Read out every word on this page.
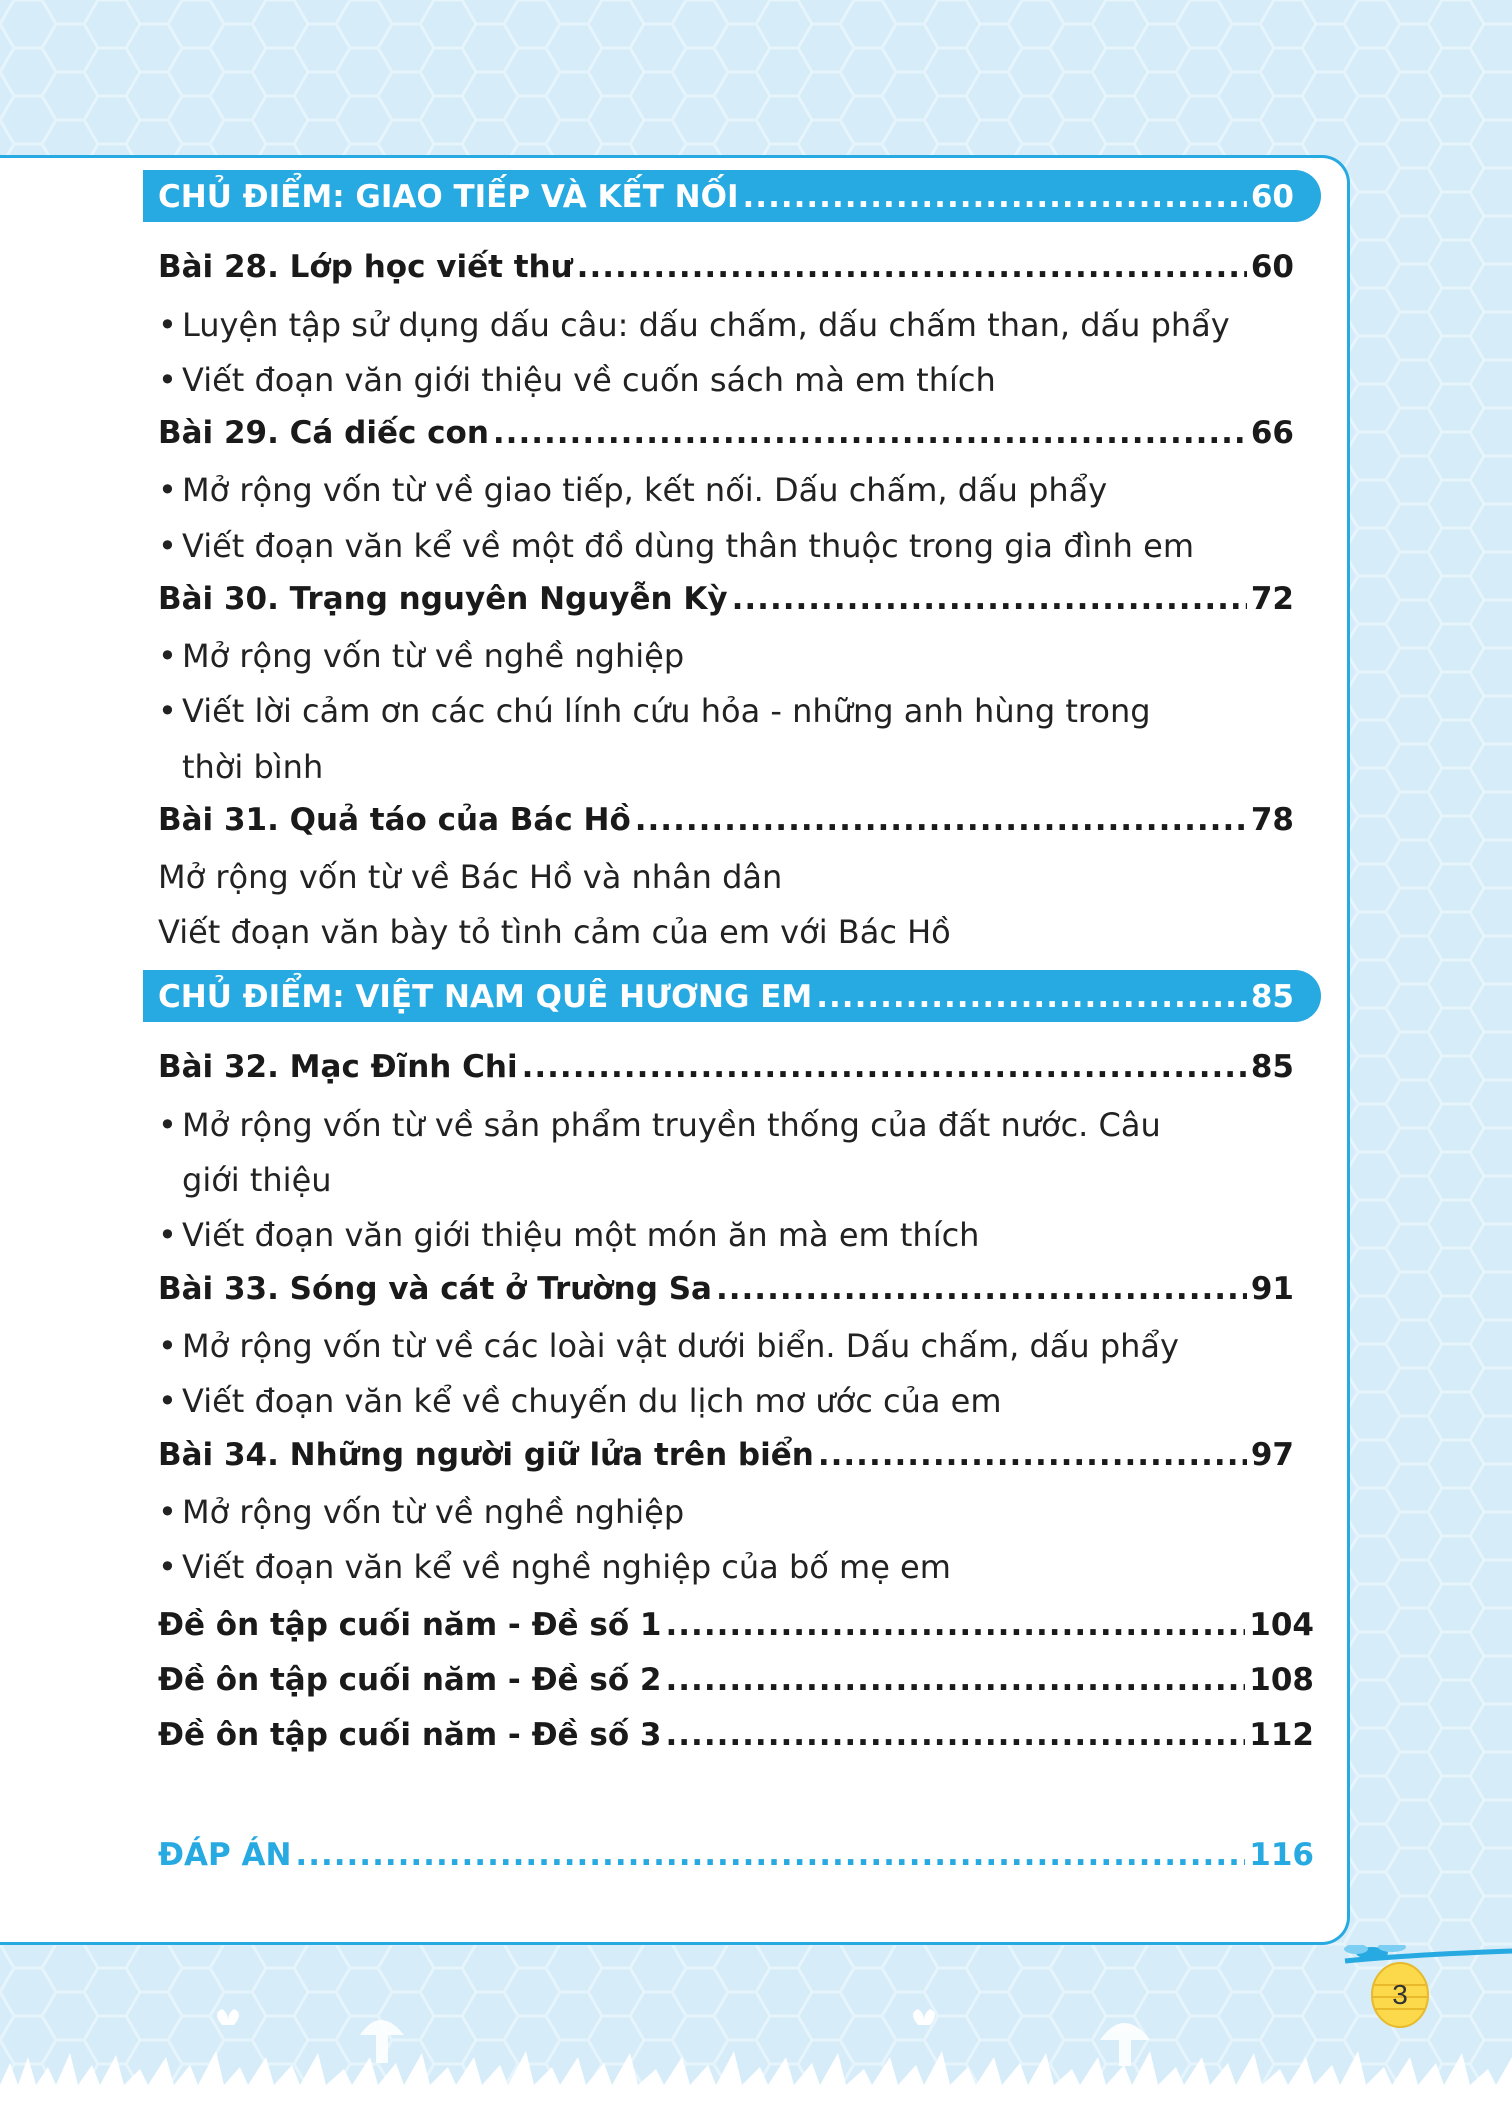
CHỦ ĐIỂM: GIAO TIẾP VÀ KẾT NỐI .....	60
Bài 28. Lớp học viết thư .....	60
• Luyện tập sử dụng dấu câu: dấu chấm, dấu chấm than, dấu phẩy
• Viết đoạn văn giới thiệu về cuốn sách mà em thích
Bài 29. Cá diếc con .....	66
• Mở rộng vốn từ về giao tiếp, kết nối. Dấu chấm, dấu phẩy
• Viết đoạn văn kể về một đồ dùng thân thuộc trong gia đình em
Bài 30. Trạng nguyên Nguyễn Kỳ .....	72
• Mở rộng vốn từ về nghề nghiệp
• Viết lời cảm ơn các chú lính cứu hỏa - những anh hùng trong
thời bình
Bài 31. Quả táo của Bác Hồ .....	78
Mở rộng vốn từ về Bác Hồ và nhân dân
Viết đoạn văn bày tỏ tình cảm của em với Bác Hồ
CHỦ ĐIỂM: VIỆT NAM QUÊ HƯƠNG EM .....	85
Bài 32. Mạc Đĩnh Chi .....	85
• Mở rộng vốn từ về sản phẩm truyền thống của đất nước. Câu
giới thiệu
• Viết đoạn văn giới thiệu một món ăn mà em thích
Bài 33. Sóng và cát ở Trường Sa .....	91
• Mở rộng vốn từ về các loài vật dưới biển. Dấu chấm, dấu phẩy
• Viết đoạn văn kể về chuyến du lịch mơ ước của em
Bài 34. Những người giữ lửa trên biển .....	97
• Mở rộng vốn từ về nghề nghiệp
• Viết đoạn văn kể về nghề nghiệp của bố mẹ em
Đề ôn tập cuối năm - Đề số 1 .....	104
Đề ôn tập cuối năm - Đề số 2 .....	108
Đề ôn tập cuối năm - Đề số 3 .....	112
ĐÁP ÁN .....	116
3
